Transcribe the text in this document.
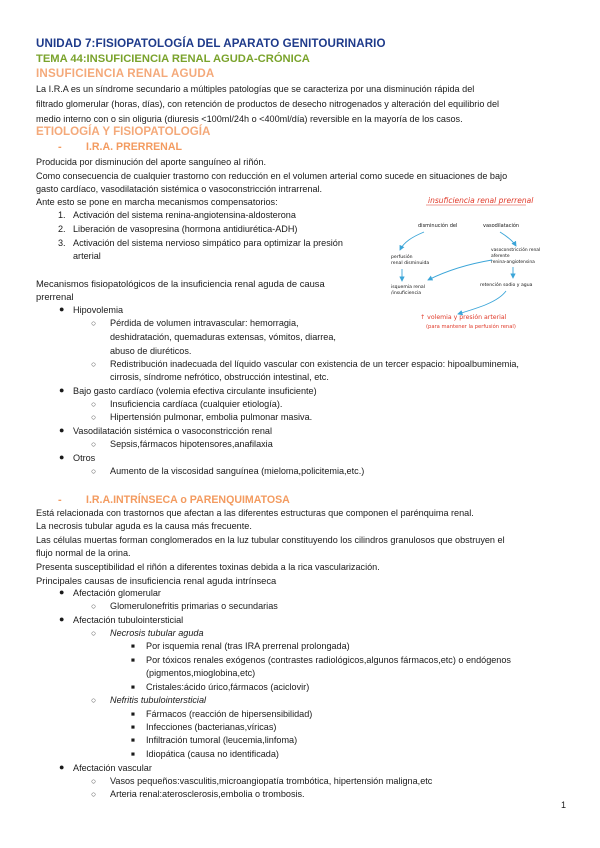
UNIDAD 7:FISIOPATOLOGÍA DEL APARATO GENITOURINARIO
TEMA 44:INSUFICIENCIA RENAL AGUDA-CRÓNICA
INSUFICIENCIA RENAL AGUDA
La I.R.A es un síndrome secundario a múltiples patologías que se caracteriza por una disminución rápida del
filtrado glomerular (horas, días), con retención de productos de desecho nitrogenados y alteración del equilibrio del
medio interno con o sin oliguria (diuresis <100ml/24h o <400ml/día) reversible en la mayoría de los casos.
ETIOLOGÍA Y FISIOPATOLOGÍA
- I.R.A. PRERRENAL
Producida por disminución del aporte sanguíneo al riñón.
Como consecuencia de cualquier trastorno con reducción en el volumen arterial como sucede en situaciones de bajo
gasto cardíaco, vasodilatación sistémica o vasoconstricción intrarrenal.
Ante esto se pone en marcha mecanismos compensatorios:
1. Activación del sistema renina-angiotensina-aldosterona
2. Liberación de vasopresina (hormona antidiurética-ADH)
3. Activación del sistema nervioso simpático para optimizar la presión
arterial
Mecanismos fisiopatológicos de la insuficiencia renal aguda de causa
prerrenal
● Hipovolemia
○ Pérdida de volumen intravascular: hemorragia,
deshidratación, quemaduras extensas, vómitos, diarrea,
abuso de diuréticos.
○ Redistribución inadecuada del líquido vascular con existencia de un tercer espacio: hipoalbuminemia,
cirrosis, síndrome nefrótico, obstrucción intestinal, etc.
● Bajo gasto cardíaco (volemia efectiva circulante insuficiente)
○ Insuficiencia cardíaca (cualquier etiología).
○ Hipertensión pulmonar, embolia pulmonar masiva.
● Vasodilatación sistémica o vasoconstricción renal
○ Sepsis,fármacos hipotensores,anafilaxia
● Otros
○ Aumento de la viscosidad sanguínea (mieloma,policitemia,etc.)
insuficiencia renal prerrenal
disminución del	vasodilatación
perfusión
renal disminuida
vasoconstricción renal
aferente
renina-angiotensina
isquemia renal
/insuficiencia
retención sodio y agua
↑ volemia y presión arterial
(para mantener la perfusión renal)
- I.R.A.INTRÍNSECA o PARENQUIMATOSA
Está relacionada con trastornos que afectan a las diferentes estructuras que componen el parénquima renal.
La necrosis tubular aguda es la causa más frecuente.
Las células muertas forman conglomerados en la luz tubular constituyendo los cilindros granulosos que obstruyen el
flujo normal de la orina.
Presenta susceptibilidad el riñón a diferentes toxinas debida a la rica vascularización.
Principales causas de insuficiencia renal aguda intrínseca
● Afectación glomerular
○ Glomerulonefritis primarias o secundarias
● Afectación tubulointersticial
○ Necrosis tubular aguda
■ Por isquemia renal (tras IRA prerrenal prolongada)
■ Por tóxicos renales exógenos (contrastes radiológicos,algunos fármacos,etc) o endógenos
(pigmentos,mioglobina,etc)
■ Cristales:ácido úrico,fármacos (aciclovir)
○ Nefritis tubulointersticial
■ Fármacos (reacción de hipersensibilidad)
■ Infecciones (bacterianas,víricas)
■ Infiltración tumoral (leucemia,linfoma)
■ Idiopática (causa no identificada)
● Afectación vascular
○ Vasos pequeños:vasculitis,microangiopatía trombótica, hipertensión maligna,etc
○ Arteria renal:aterosclerosis,embolia o trombosis.
1
